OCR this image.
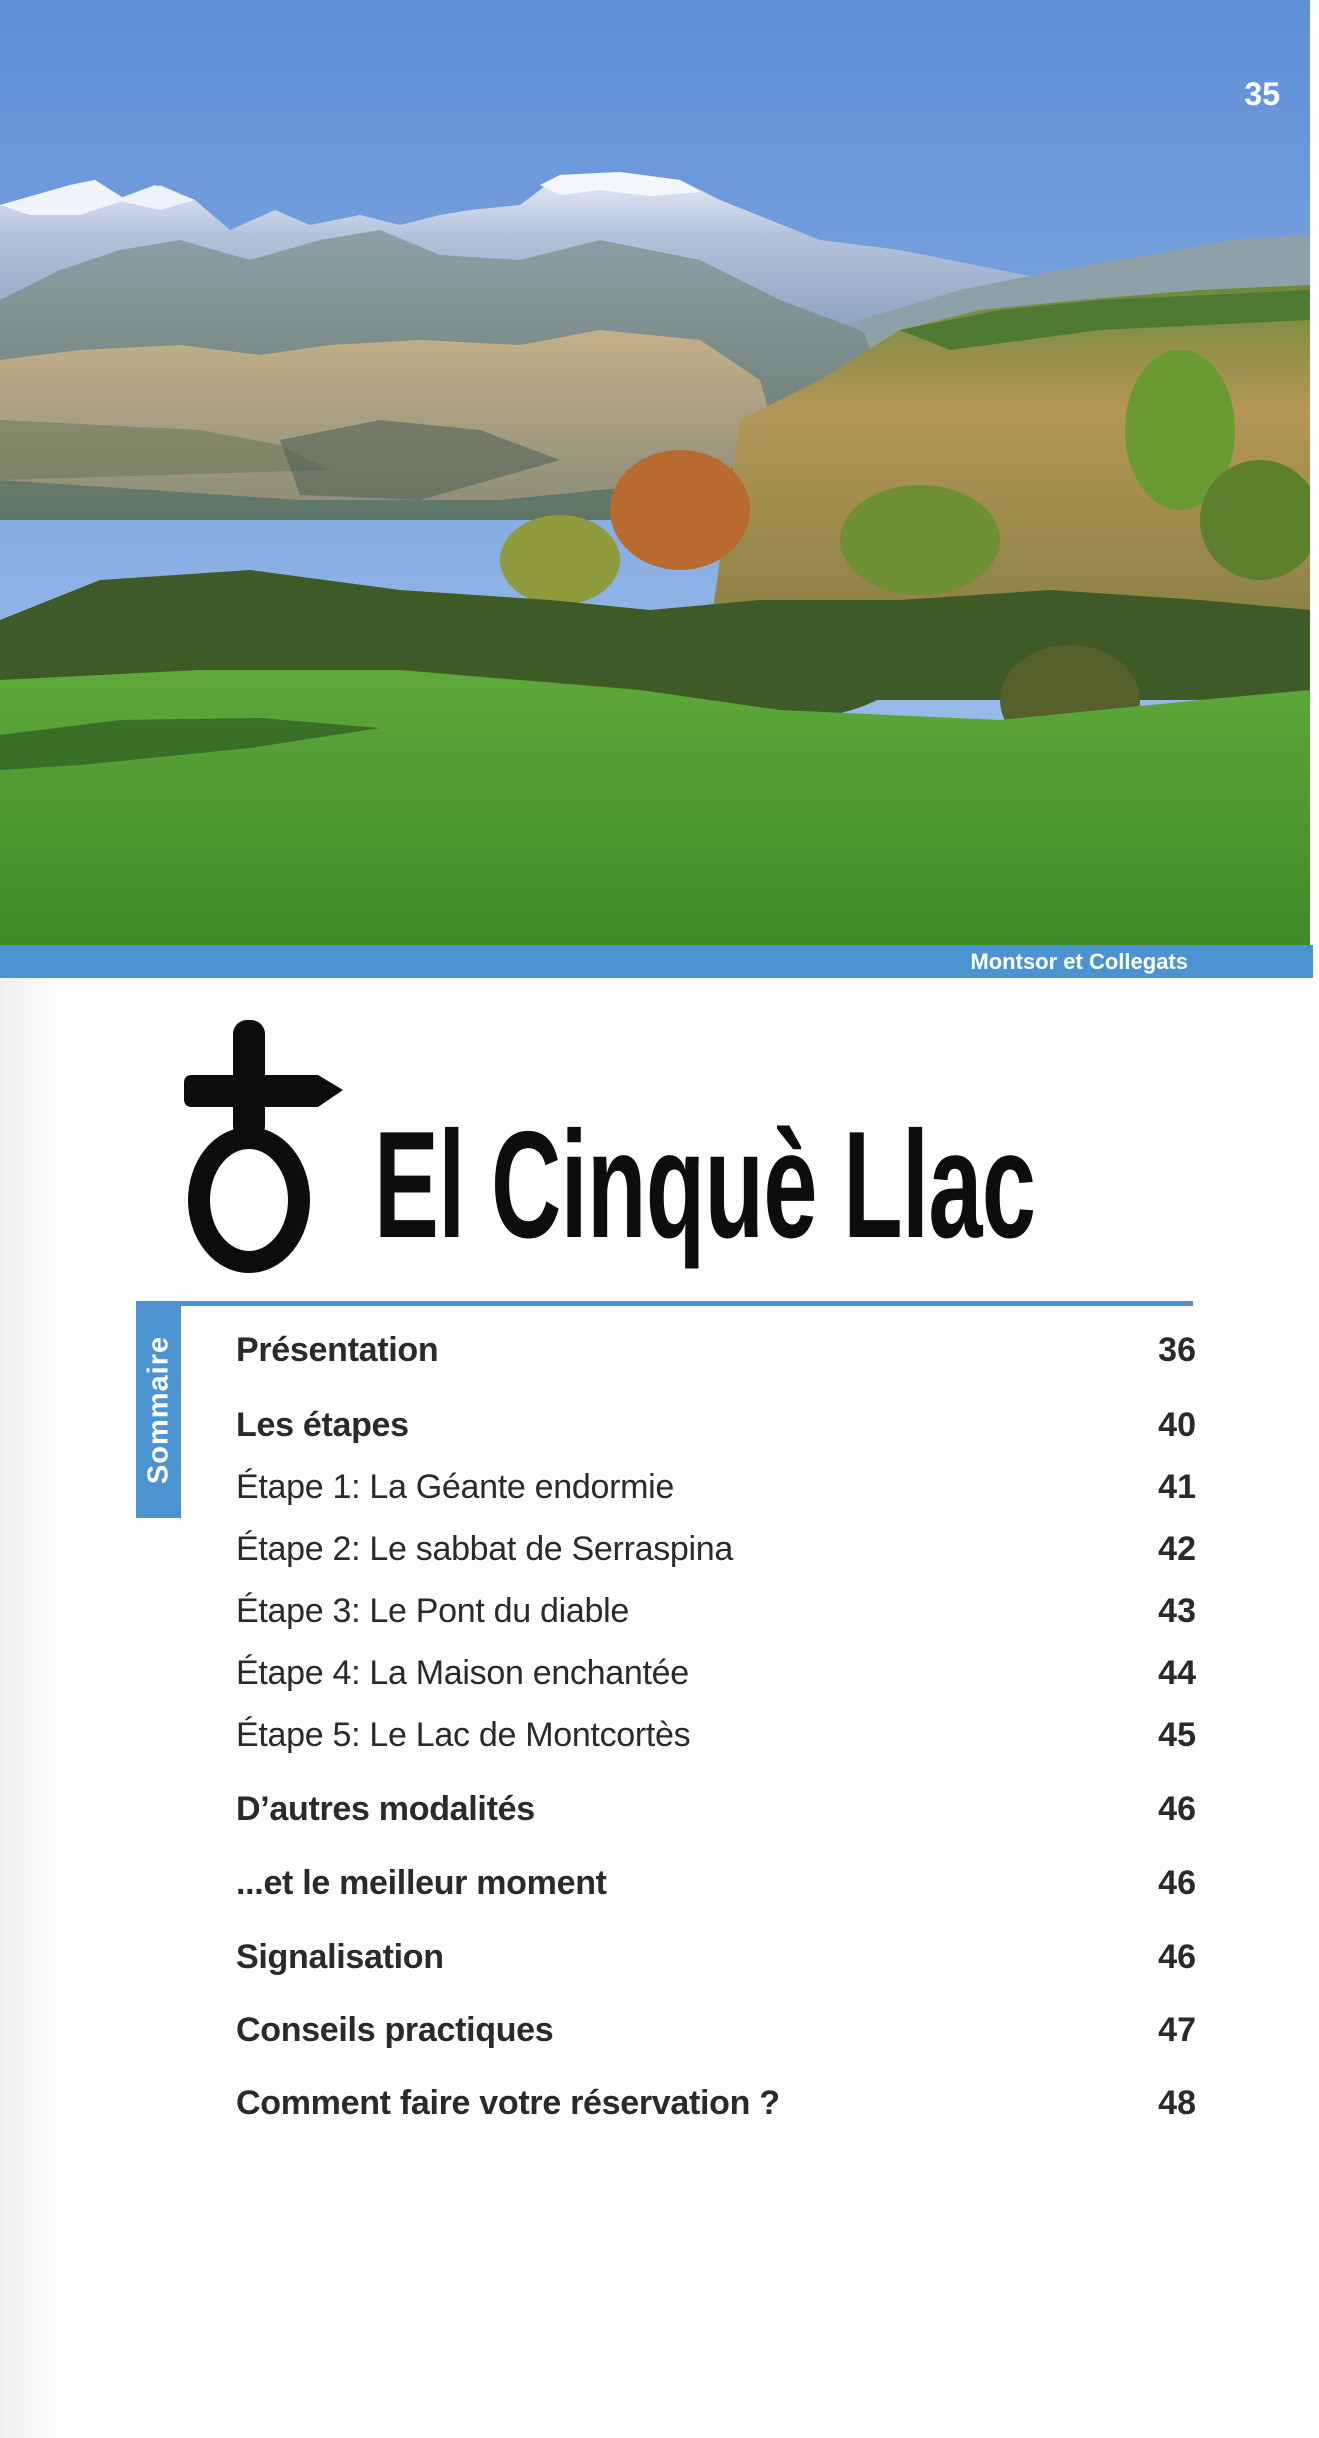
35
Montsor et Collegats
El Cinquè Llac
Sommaire Présentation	36
Les étapes	40
Étape 1: La Géante endormie	41
Étape 2: Le sabbat de Serraspina	42
Étape 3: Le Pont du diable	43
Étape 4: La Maison enchantée	44
Étape 5: Le Lac de Montcortès	45
D’autres modalités	46
...et le meilleur moment	46
Signalisation	46
Conseils practiques	47
Comment faire votre réservation ?	48
